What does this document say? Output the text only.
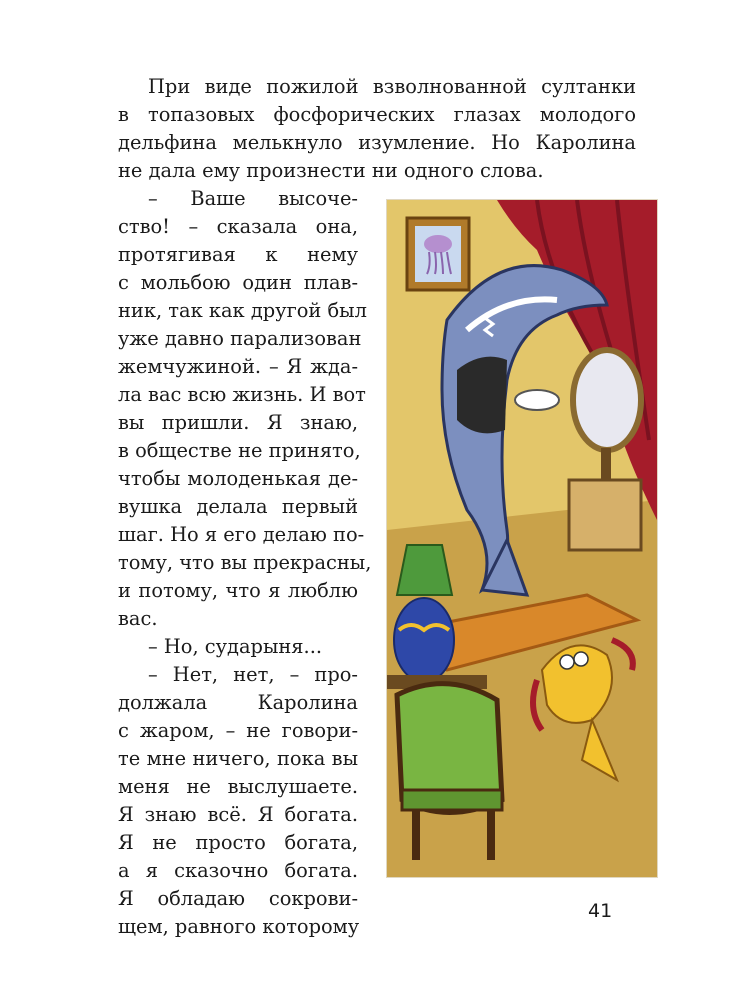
При виде пожилой взволнованной султанки
в топазовых фосфорических глазах молодого
дельфина мелькнуло изумление. Но Каролина
не дала ему произнести ни одного слова.
– Ваше высоче-
ство! – сказала она,
протягивая к нему
с мольбою один плав-
ник, так как другой был
уже давно парализован
жемчужиной. – Я жда-
ла вас всю жизнь. И вот
вы пришли. Я знаю,
в обществе не принято,
чтобы молоденькая де-
вушка делала первый
шаг. Но я его делаю по-
тому, что вы прекрасны,
и потому, что я люблю
вас.
– Но, сударыня...
– Нет, нет, – про-
должала Каролина
с жаром, – не говори-
те мне ничего, пока вы
меня не выслушаете.
Я знаю всё. Я богата.
Я не просто богата,
а я сказочно богата.
Я обладаю сокрови-
щем, равного которому
41
